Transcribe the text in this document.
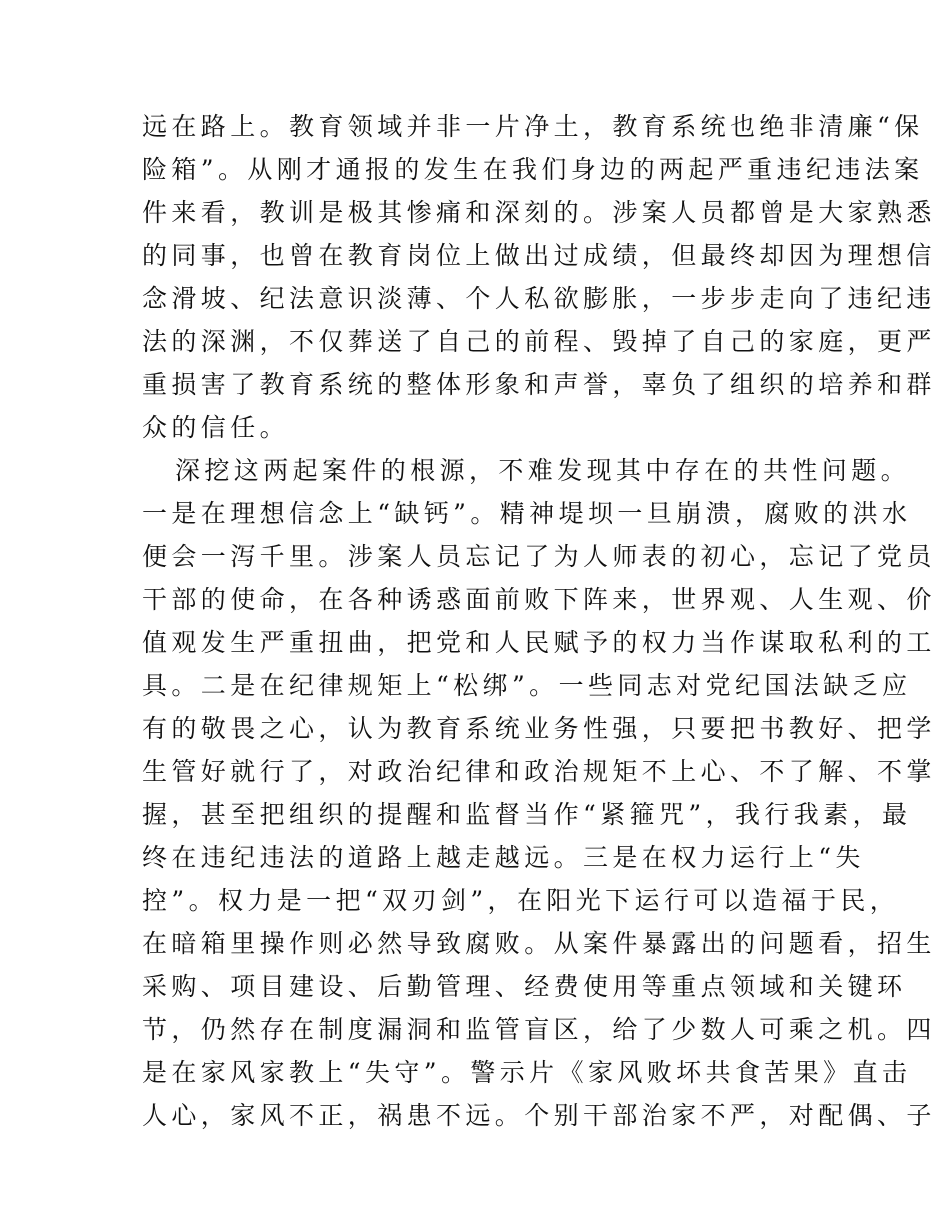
远在路上。教育领域并非一片净土，教育系统也绝非清廉“保
险箱”。从刚才通报的发生在我们身边的两起严重违纪违法案
件来看，教训是极其惨痛和深刻的。涉案人员都曾是大家熟悉
的同事，也曾在教育岗位上做出过成绩，但最终却因为理想信
念滑坡、纪法意识淡薄、个人私欲膨胀，一步步走向了违纪违
法的深渊，不仅葬送了自己的前程、毁掉了自己的家庭，更严
重损害了教育系统的整体形象和声誉，辜负了组织的培养和群
众的信任。
深挖这两起案件的根源，不难发现其中存在的共性问题。
一是在理想信念上“缺钙”。精神堤坝一旦崩溃，腐败的洪水
便会一泻千里。涉案人员忘记了为人师表的初心，忘记了党员
干部的使命，在各种诱惑面前败下阵来，世界观、人生观、价
值观发生严重扭曲，把党和人民赋予的权力当作谋取私利的工
具。二是在纪律规矩上“松绑”。一些同志对党纪国法缺乏应
有的敬畏之心，认为教育系统业务性强，只要把书教好、把学
生管好就行了，对政治纪律和政治规矩不上心、不了解、不掌
握，甚至把组织的提醒和监督当作“紧箍咒”，我行我素，最
终在违纪违法的道路上越走越远。三是在权力运行上“失
控”。权力是一把“双刃剑”，在阳光下运行可以造福于民，
在暗箱里操作则必然导致腐败。从案件暴露出的问题看，招生
采购、项目建设、后勤管理、经费使用等重点领域和关键环
节，仍然存在制度漏洞和监管盲区，给了少数人可乘之机。四
是在家风家教上“失守”。警示片《家风败坏共食苦果》直击
人心，家风不正，祸患不远。个别干部治家不严，对配偶、子
